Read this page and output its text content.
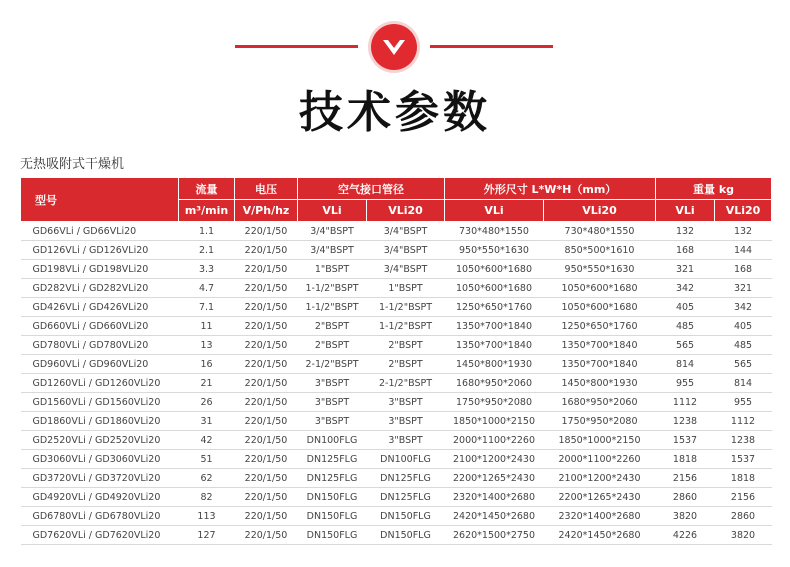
技术参数
无热吸附式干燥机
型号	流量	电压	空气接口管径		外形尺寸 L*W*H（mm）		重量 kg	
	m³/min	V/Ph/hz	VLi	VLi20	VLi	VLi20	VLi	VLi20
GD66VLi / GD66VLi20	1.1	220/1/50	3/4"BSPT	3/4"BSPT	730*480*1550	730*480*1550	132	132
GD126VLi / GD126VLi20	2.1	220/1/50	3/4"BSPT	3/4"BSPT	950*550*1630	850*500*1610	168	144
GD198VLi / GD198VLi20	3.3	220/1/50	1"BSPT	3/4"BSPT	1050*600*1680	950*550*1630	321	168
GD282VLi / GD282VLi20	4.7	220/1/50	1-1/2"BSPT	1"BSPT	1050*600*1680	1050*600*1680	342	321
GD426VLi / GD426VLi20	7.1	220/1/50	1-1/2"BSPT	1-1/2"BSPT	1250*650*1760	1050*600*1680	405	342
GD660VLi / GD660VLi20	11	220/1/50	2"BSPT	1-1/2"BSPT	1350*700*1840	1250*650*1760	485	405
GD780VLi / GD780VLi20	13	220/1/50	2"BSPT	2"BSPT	1350*700*1840	1350*700*1840	565	485
GD960VLi / GD960VLi20	16	220/1/50	2-1/2"BSPT	2"BSPT	1450*800*1930	1350*700*1840	814	565
GD1260VLi / GD1260VLi20	21	220/1/50	3"BSPT	2-1/2"BSPT	1680*950*2060	1450*800*1930	955	814
GD1560VLi / GD1560VLi20	26	220/1/50	3"BSPT	3"BSPT	1750*950*2080	1680*950*2060	1112	955
GD1860VLi / GD1860VLi20	31	220/1/50	3"BSPT	3"BSPT	1850*1000*2150	1750*950*2080	1238	1112
GD2520VLi / GD2520VLi20	42	220/1/50	DN100FLG	3"BSPT	2000*1100*2260	1850*1000*2150	1537	1238
GD3060VLi / GD3060VLi20	51	220/1/50	DN125FLG	DN100FLG	2100*1200*2430	2000*1100*2260	1818	1537
GD3720VLi / GD3720VLi20	62	220/1/50	DN125FLG	DN125FLG	2200*1265*2430	2100*1200*2430	2156	1818
GD4920VLi / GD4920VLi20	82	220/1/50	DN150FLG	DN125FLG	2320*1400*2680	2200*1265*2430	2860	2156
GD6780VLi / GD6780VLi20	113	220/1/50	DN150FLG	DN150FLG	2420*1450*2680	2320*1400*2680	3820	2860
GD7620VLi / GD7620VLi20	127	220/1/50	DN150FLG	DN150FLG	2620*1500*2750	2420*1450*2680	4226	3820
